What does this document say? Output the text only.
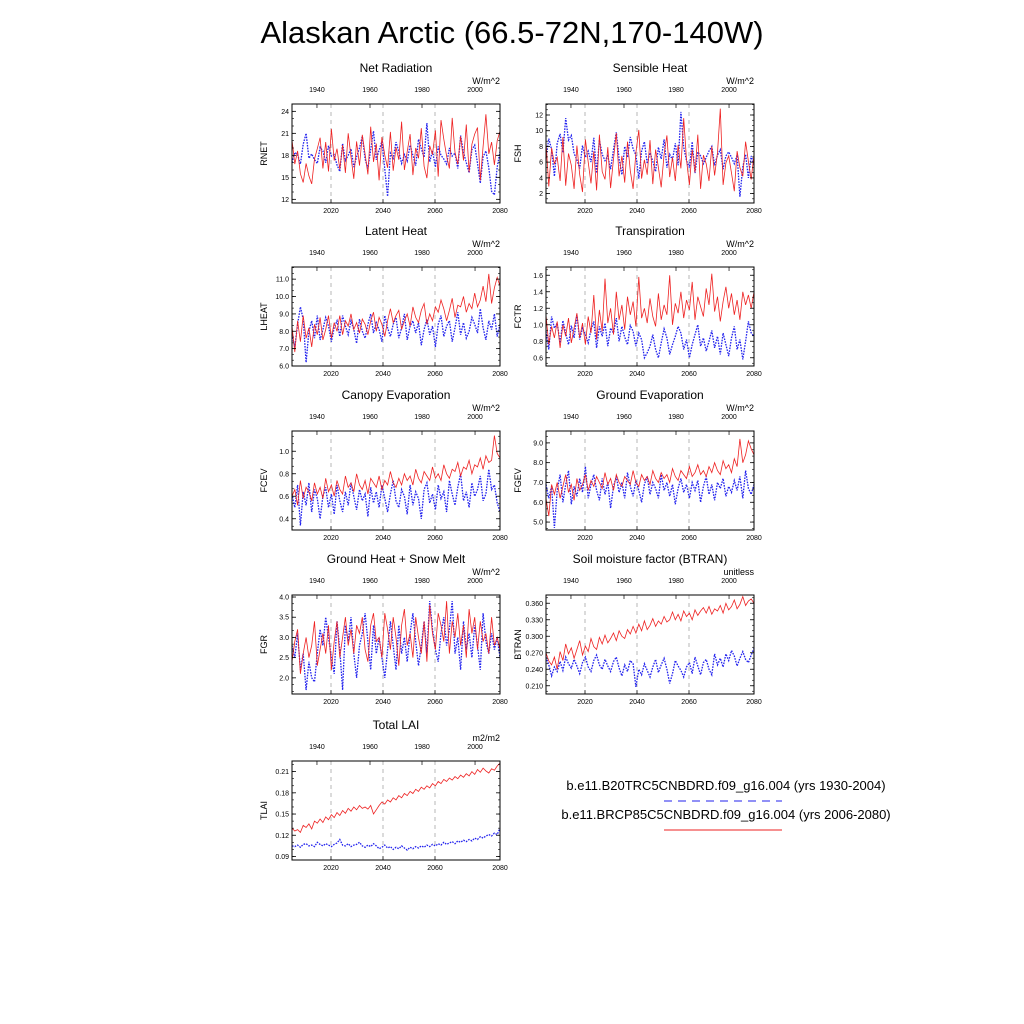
Alaskan Arctic (66.5-72N,170-140W)
Net Radiation
W/m^2
12
15
18
21
24
RNET
1940	1960	1980	2000
2020	2040	2060	2080
Sensible Heat
W/m^2
2
4
6
8
10
12
FSH
1940	1960	1980	2000
2020	2040	2060	2080
Latent Heat
W/m^2
6.0
7.0
8.0
9.0
10.0
11.0
LHEAT
1940	1960	1980	2000
2020	2040	2060	2080
Transpiration
W/m^2
0.6
0.8
1.0
1.2
1.4
1.6
FCTR
1940	1960	1980	2000
2020	2040	2060	2080
Canopy Evaporation
W/m^2
0.4
0.6
0.8
1.0
FCEV
1940	1960	1980	2000
2020	2040	2060	2080
Ground Evaporation
W/m^2
5.0
6.0
7.0
8.0
9.0
FGEV
1940	1960	1980	2000
2020	2040	2060	2080
Ground Heat + Snow Melt
W/m^2
2.0
2.5
3.0
3.5
4.0
FGR
1940	1960	1980	2000
2020	2040	2060	2080
Soil moisture factor (BTRAN)
unitless
0.210
0.240
0.270
0.300
0.330
0.360
BTRAN
1940	1960	1980	2000
2020	2040	2060	2080
Total LAI
m2/m2
0.09
0.12
0.15
0.18
0.21
TLAI
1940	1960	1980	2000
2020	2040	2060	2080
b.e11.B20TRC5CNBDRD.f09_g16.004 (yrs 1930-2004)
b.e11.BRCP85C5CNBDRD.f09_g16.004 (yrs 2006-2080)
